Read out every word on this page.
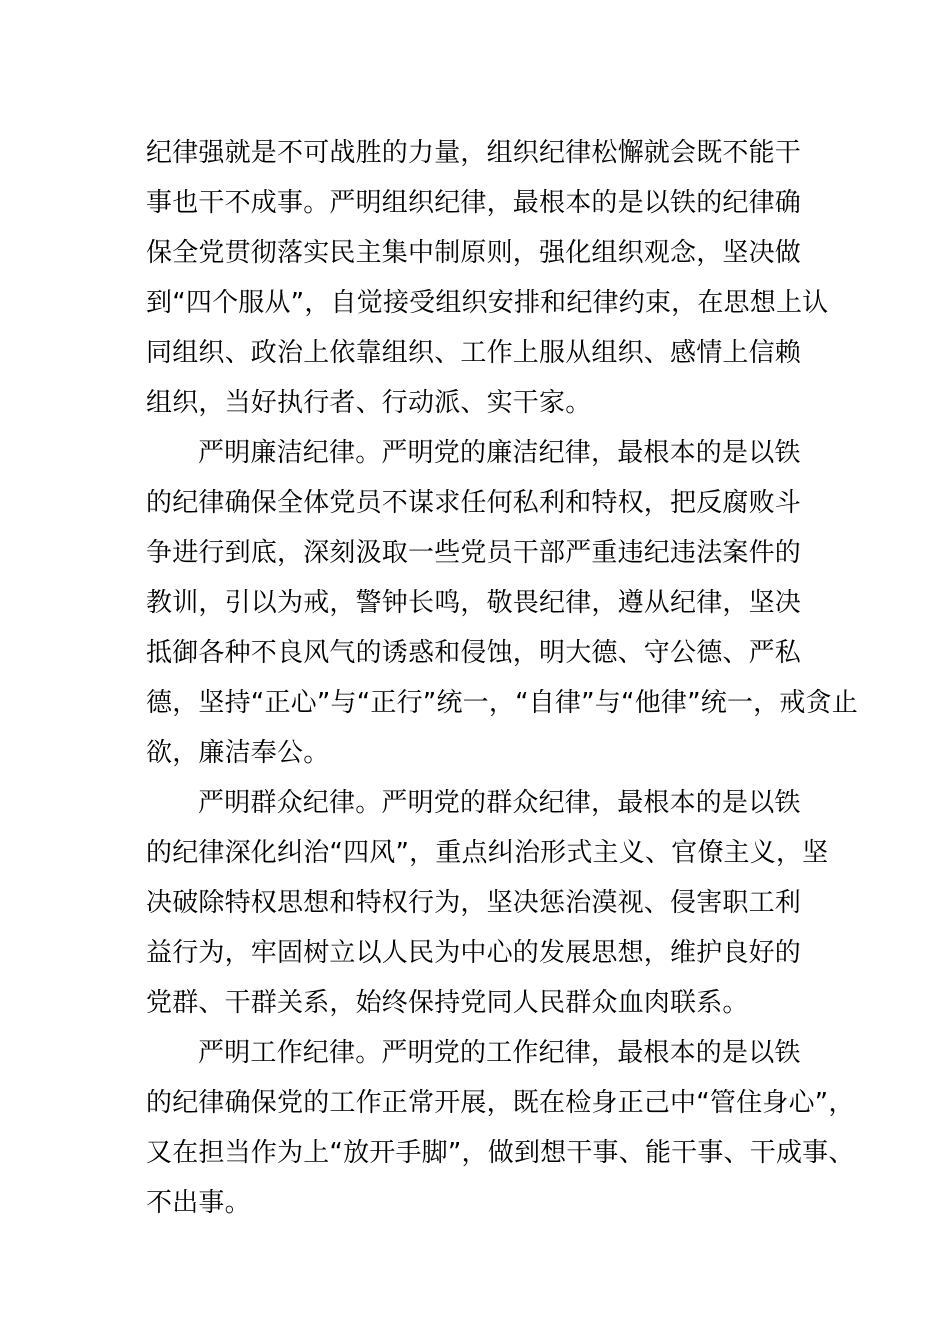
纪律强就是不可战胜的力量，组织纪律松懈就会既不能干
事也干不成事。严明组织纪律，最根本的是以铁的纪律确
保全党贯彻落实民主集中制原则，强化组织观念，坚决做
到“四个服从”，自觉接受组织安排和纪律约束，在思想上认
同组织、政治上依靠组织、工作上服从组织、感情上信赖
组织，当好执行者、行动派、实干家。
严明廉洁纪律。严明党的廉洁纪律，最根本的是以铁
的纪律确保全体党员不谋求任何私利和特权，把反腐败斗
争进行到底，深刻汲取一些党员干部严重违纪违法案件的
教训，引以为戒，警钟长鸣，敬畏纪律，遵从纪律，坚决
抵御各种不良风气的诱惑和侵蚀，明大德、守公德、严私
德，坚持“正心”与“正行”统一，“自律”与“他律”统一，戒贪止
欲，廉洁奉公。
严明群众纪律。严明党的群众纪律，最根本的是以铁
的纪律深化纠治“四风”，重点纠治形式主义、官僚主义，坚
决破除特权思想和特权行为，坚决惩治漠视、侵害职工利
益行为，牢固树立以人民为中心的发展思想，维护良好的
党群、干群关系，始终保持党同人民群众血肉联系。
严明工作纪律。严明党的工作纪律，最根本的是以铁
的纪律确保党的工作正常开展，既在检身正己中“管住身心”，
又在担当作为上“放开手脚”，做到想干事、能干事、干成事、
不出事。
